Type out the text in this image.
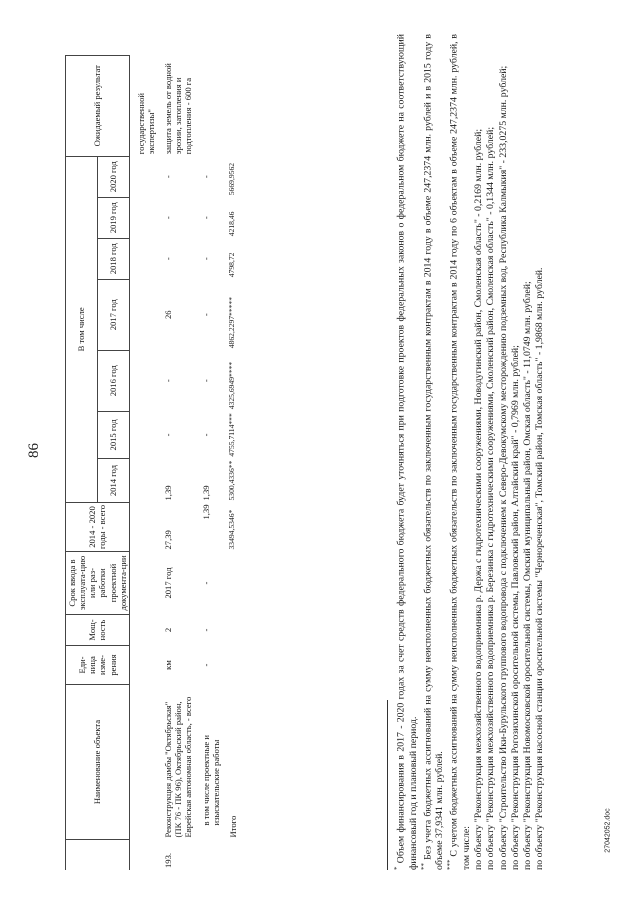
86
	Наименование объекта	Еди-ница изме-рения	Мощ-ность	Срок ввода в эксплуата-цию или раз-работки проектной документа-ции	2014 - 2020 годы - всего	В том числе							Ожидаемый результат
						2014 год	2015 год	2016 год	2017 год	2018 год	2019 год	2020 год	

													государственной экспертизы"

193.	Реконструкция дамбы "Октябрьская" (ПК 76 - ПК 96), Октябрьский район, Еврейская автономная область, - всего	км	2	2017 год	27,39	1,39	-	-	26	-	-	-	защита земель от водной эрозии, затопления и подтопления - 600 га

	в том числе проектные и изыскательские работы	-	-	-	1,39	1,39	-	-	-	-	-	-	

	Итого				33494,5346*	5300,4336**	4755,7114***	4325,6949****	4862,2297*****	4798,72	4218,46	5669,9562	

* Объем финансирования в 2017 - 2020 годах за счет средств федерального бюджета будет уточняться при подготовке проектов федеральных законов о федеральном бюджете на соответствующий финансовый год и плановый период. ** Без учета бюджетных ассигнований на сумму неисполненных бюджетных обязательств по заключенным государственным контрактам в 2014 году в объеме 247,2374 млн. рублей и в 2015 году в объеме 37,9341 млн. рублей. *** С учетом бюджетных ассигнований на сумму неисполненных бюджетных обязательств по заключенным государственным контрактам в 2014 году по 6 объектам в объеме 247,2374 млн. рублей, в том числе: по объекту "Реконструкция межхозяйственного водоприемника р. Держа с гидротехническими сооружениями, Новодугинский район, Смоленская область" - 0,2169 млн. рублей; по объекту "Реконструкция межхозяйственного водоприемника р. Березинка с гидротехническими сооружениями, Смоленский район, Смоленская область" - 0,1344 млн. рублей; по объекту "Строительство Ики-Бурульского группового водопровода с подключением к Северо-Девокумскому месторождению подземных вод, Республика Калмыкия" - 233,0275 млн. рублей; по объекту "Реконструкция Рогозихинской оросительной системы, Павловский район, Алтайский край" - 0,7969 млн. рублей; по объекту "Реконструкция Новомосковской оросительной системы, Омский муниципальный район, Омская область" - 11,0749 млн. рублей; по объекту "Реконструкция насосной станции оросительной системы "Чернореченская", Томский район, Томская область" - 1,9868 млн. рублей.	27042052.doc
